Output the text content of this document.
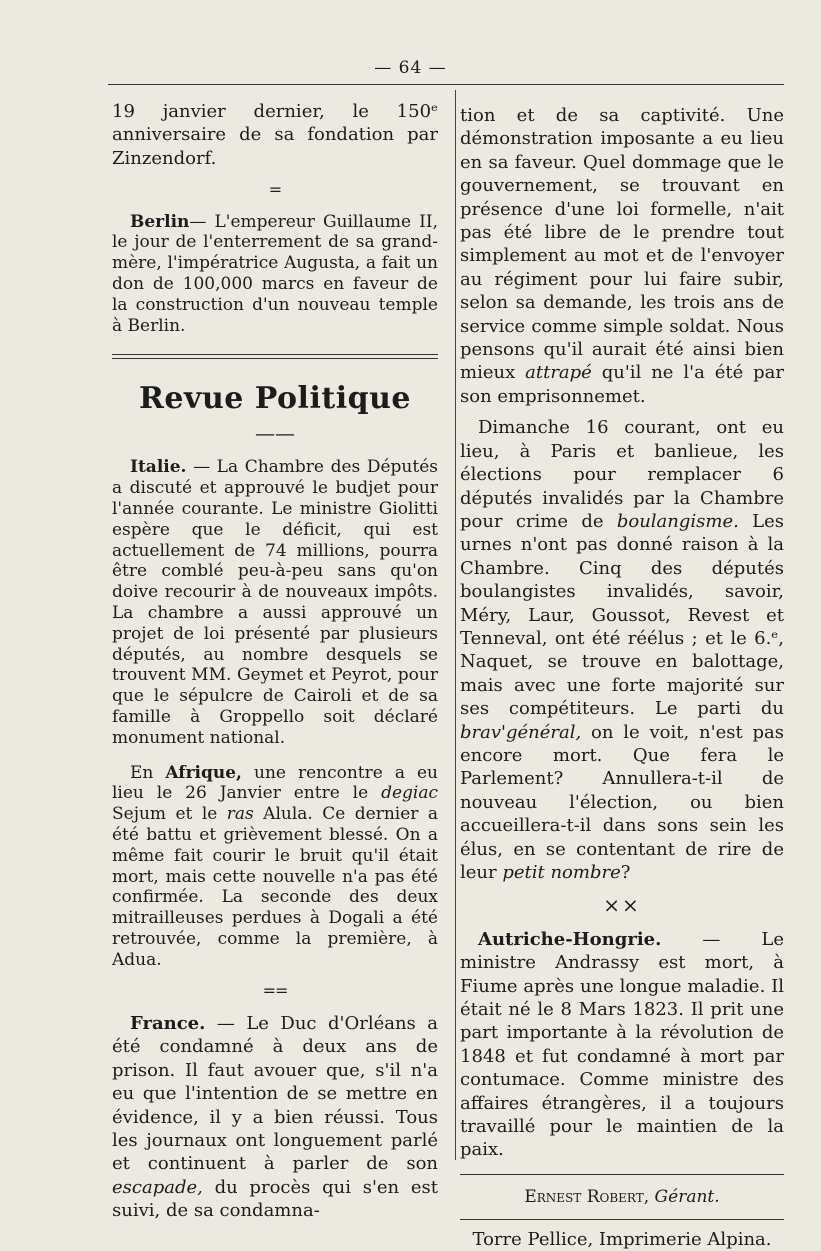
— 64 —

19 janvier dernier, le 150ᵉ anniversaire de sa fondation par Zinzendorf.

=

Berlin— L'empereur Guillaume II, le jour de l'enterrement de sa grand-mère, l'impératrice Augusta, a fait un don de 100,000 marcs en faveur de la construction d'un nouveau temple à Berlin.

Revue Politique
——

Italie. — La Chambre des Députés a discuté et approuvé le budjet pour l'année courante. Le ministre Giolitti espère que le déficit, qui est actuellement de 74 millions, pourra être comblé peu-à-peu sans qu'on doive recourir à de nouveaux impôts. La chambre a aussi approuvé un projet de loi présenté par plusieurs députés, au nombre desquels se trouvent MM. Geymet et Peyrot, pour que le sépulcre de Cairoli et de sa famille à Groppello soit déclaré monument national.

En Afrique, une rencontre a eu lieu le 26 Janvier entre le degiac Sejum et le ras Alula. Ce dernier a été battu et grièvement blessé. On a même fait courir le bruit qu'il était mort, mais cette nouvelle n'a pas été confirmée. La seconde des deux mitrailleuses perdues à Dogali a été retrouvée, comme la première, à Adua.

==

France. — Le Duc d'Orléans a été condamné à deux ans de prison. Il faut avouer que, s'il n'a eu que l'intention de se mettre en évidence, il y a bien réussi. Tous les journaux ont longuement parlé et continuent à parler de son escapade, du procès qui s'en est suivi, de sa condamna-

tion et de sa captivité. Une démonstration imposante a eu lieu en sa faveur. Quel dommage que le gouvernement, se trouvant en présence d'une loi formelle, n'ait pas été libre de le prendre tout simplement au mot et de l'envoyer au régiment pour lui faire subir, selon sa demande, les trois ans de service comme simple soldat. Nous pensons qu'il aurait été ainsi bien mieux attrapé qu'il ne l'a été par son emprisonnemet.

Dimanche 16 courant, ont eu lieu, à Paris et banlieue, les élections pour remplacer 6 députés invalidés par la Chambre pour crime de boulangisme. Les urnes n'ont pas donné raison à la Chambre. Cinq des députés boulangistes invalidés, savoir, Méry, Laur, Goussot, Revest et Tenneval, ont été réélus ; et le 6.ᵉ, Naquet, se trouve en balottage, mais avec une forte majorité sur ses compétiteurs. Le parti du brav'général, on le voit, n'est pas encore mort. Que fera le Parlement? Annullera-t-il de nouveau l'élection, ou bien accueillera-t-il dans sons sein les élus, en se contentant de rire de leur petit nombre?

××

Autriche-Hongrie. — Le ministre Andrassy est mort, à Fiume après une longue maladie. Il était né le 8 Mars 1823. Il prit une part importante à la révolution de 1848 et fut condamné à mort par contumace. Comme ministre des affaires étrangères, il a toujours travaillé pour le maintien de la paix.

Ernest Robert, Gérant.
Torre Pellice, Imprimerie Alpina.
